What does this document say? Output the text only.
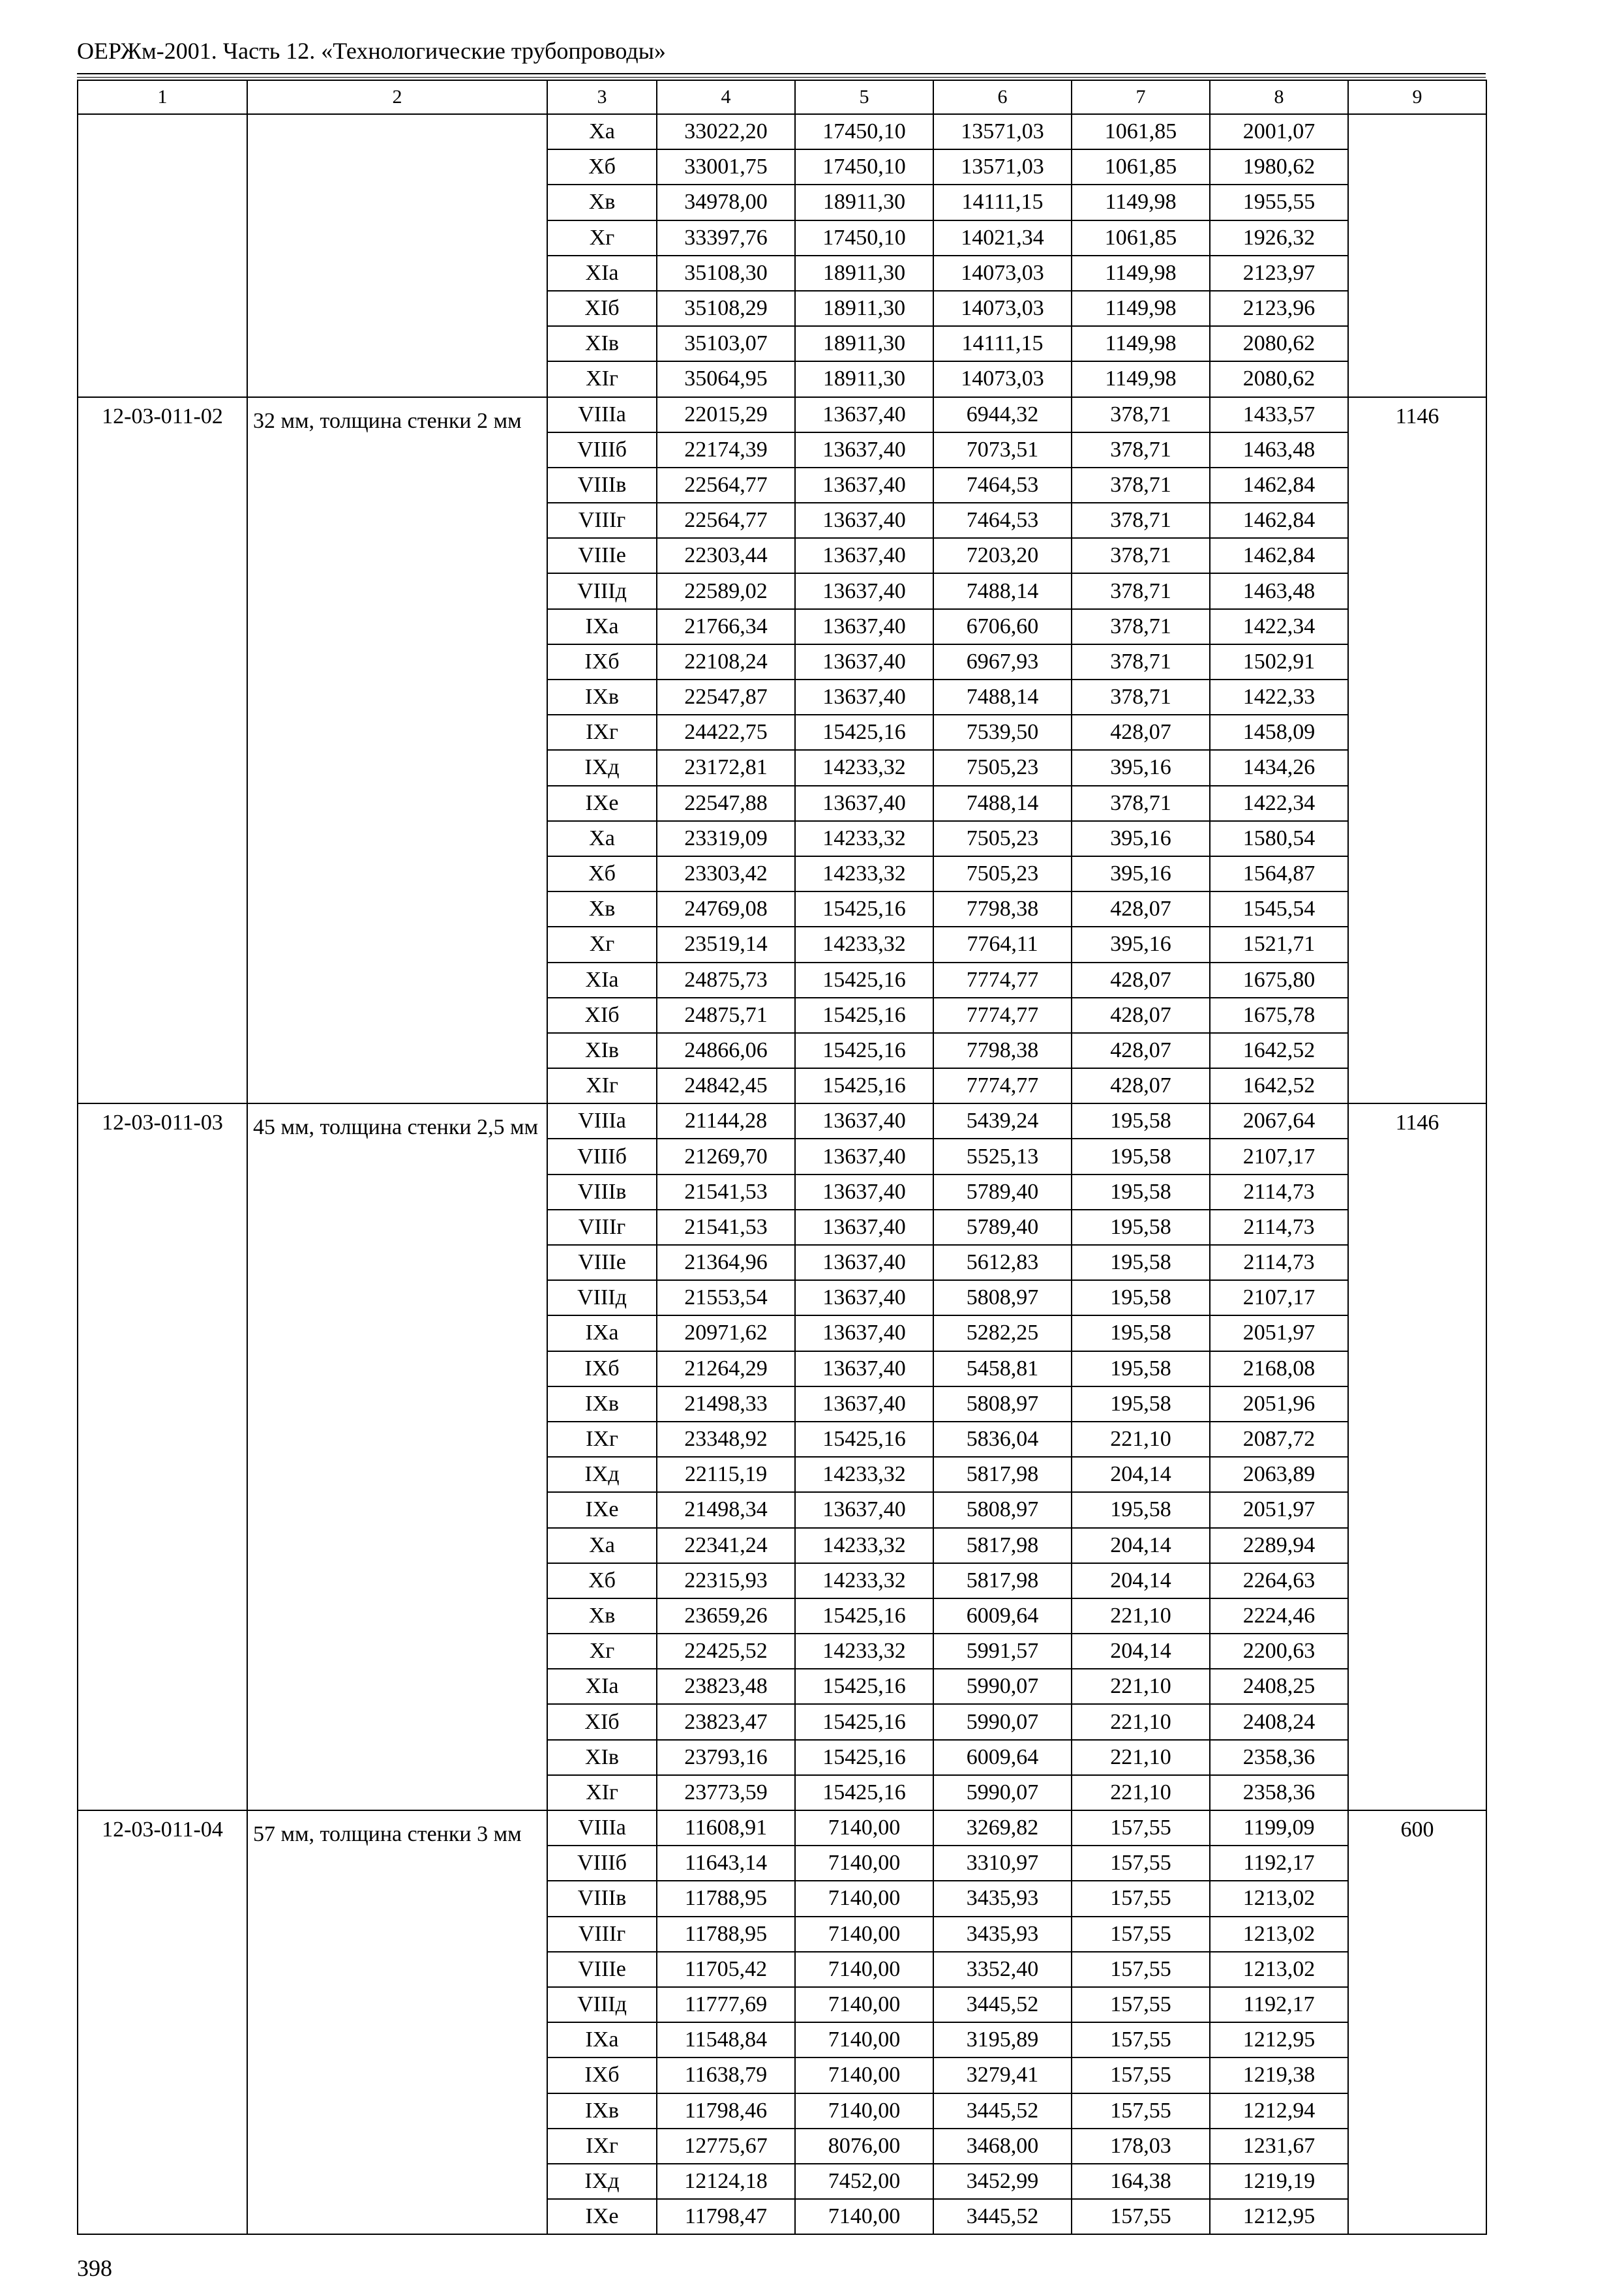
ОЕРЖм-2001. Часть 12. «Технологические трубопроводы»
1	2	3	4	5	6	7	8	9
		Xа	33022,20	17450,10	13571,03	1061,85	2001,07	
		Xб	33001,75	17450,10	13571,03	1061,85	1980,62	
		Xв	34978,00	18911,30	14111,15	1149,98	1955,55	
		Xг	33397,76	17450,10	14021,34	1061,85	1926,32	
		XIа	35108,30	18911,30	14073,03	1149,98	2123,97	
		XIб	35108,29	18911,30	14073,03	1149,98	2123,96	
		XIв	35103,07	18911,30	14111,15	1149,98	2080,62	
		XIг	35064,95	18911,30	14073,03	1149,98	2080,62	
12-03-011-02	32 мм, толщина стенки 2 мм	VIIIа	22015,29	13637,40	6944,32	378,71	1433,57	1146
		VIIIб	22174,39	13637,40	7073,51	378,71	1463,48	
		VIIIв	22564,77	13637,40	7464,53	378,71	1462,84	
		VIIIг	22564,77	13637,40	7464,53	378,71	1462,84	
		VIIIе	22303,44	13637,40	7203,20	378,71	1462,84	
		VIIIд	22589,02	13637,40	7488,14	378,71	1463,48	
		IXа	21766,34	13637,40	6706,60	378,71	1422,34	
		IXб	22108,24	13637,40	6967,93	378,71	1502,91	
		IXв	22547,87	13637,40	7488,14	378,71	1422,33	
		IXг	24422,75	15425,16	7539,50	428,07	1458,09	
		IXд	23172,81	14233,32	7505,23	395,16	1434,26	
		IXе	22547,88	13637,40	7488,14	378,71	1422,34	
		Xа	23319,09	14233,32	7505,23	395,16	1580,54	
		Xб	23303,42	14233,32	7505,23	395,16	1564,87	
		Xв	24769,08	15425,16	7798,38	428,07	1545,54	
		Xг	23519,14	14233,32	7764,11	395,16	1521,71	
		XIа	24875,73	15425,16	7774,77	428,07	1675,80	
		XIб	24875,71	15425,16	7774,77	428,07	1675,78	
		XIв	24866,06	15425,16	7798,38	428,07	1642,52	
		XIг	24842,45	15425,16	7774,77	428,07	1642,52	
12-03-011-03	45 мм, толщина стенки 2,5 мм	VIIIа	21144,28	13637,40	5439,24	195,58	2067,64	1146
		VIIIб	21269,70	13637,40	5525,13	195,58	2107,17	
		VIIIв	21541,53	13637,40	5789,40	195,58	2114,73	
		VIIIг	21541,53	13637,40	5789,40	195,58	2114,73	
		VIIIе	21364,96	13637,40	5612,83	195,58	2114,73	
		VIIIд	21553,54	13637,40	5808,97	195,58	2107,17	
		IXа	20971,62	13637,40	5282,25	195,58	2051,97	
		IXб	21264,29	13637,40	5458,81	195,58	2168,08	
		IXв	21498,33	13637,40	5808,97	195,58	2051,96	
		IXг	23348,92	15425,16	5836,04	221,10	2087,72	
		IXд	22115,19	14233,32	5817,98	204,14	2063,89	
		IXе	21498,34	13637,40	5808,97	195,58	2051,97	
		Xа	22341,24	14233,32	5817,98	204,14	2289,94	
		Xб	22315,93	14233,32	5817,98	204,14	2264,63	
		Xв	23659,26	15425,16	6009,64	221,10	2224,46	
		Xг	22425,52	14233,32	5991,57	204,14	2200,63	
		XIа	23823,48	15425,16	5990,07	221,10	2408,25	
		XIб	23823,47	15425,16	5990,07	221,10	2408,24	
		XIв	23793,16	15425,16	6009,64	221,10	2358,36	
		XIг	23773,59	15425,16	5990,07	221,10	2358,36	
12-03-011-04	57 мм, толщина стенки 3 мм	VIIIа	11608,91	7140,00	3269,82	157,55	1199,09	600
		VIIIб	11643,14	7140,00	3310,97	157,55	1192,17	
		VIIIв	11788,95	7140,00	3435,93	157,55	1213,02	
		VIIIг	11788,95	7140,00	3435,93	157,55	1213,02	
		VIIIе	11705,42	7140,00	3352,40	157,55	1213,02	
		VIIIд	11777,69	7140,00	3445,52	157,55	1192,17	
		IXа	11548,84	7140,00	3195,89	157,55	1212,95	
		IXб	11638,79	7140,00	3279,41	157,55	1219,38	
		IXв	11798,46	7140,00	3445,52	157,55	1212,94	
		IXг	12775,67	8076,00	3468,00	178,03	1231,67	
		IXд	12124,18	7452,00	3452,99	164,38	1219,19	
		IXе	11798,47	7140,00	3445,52	157,55	1212,95	
398
